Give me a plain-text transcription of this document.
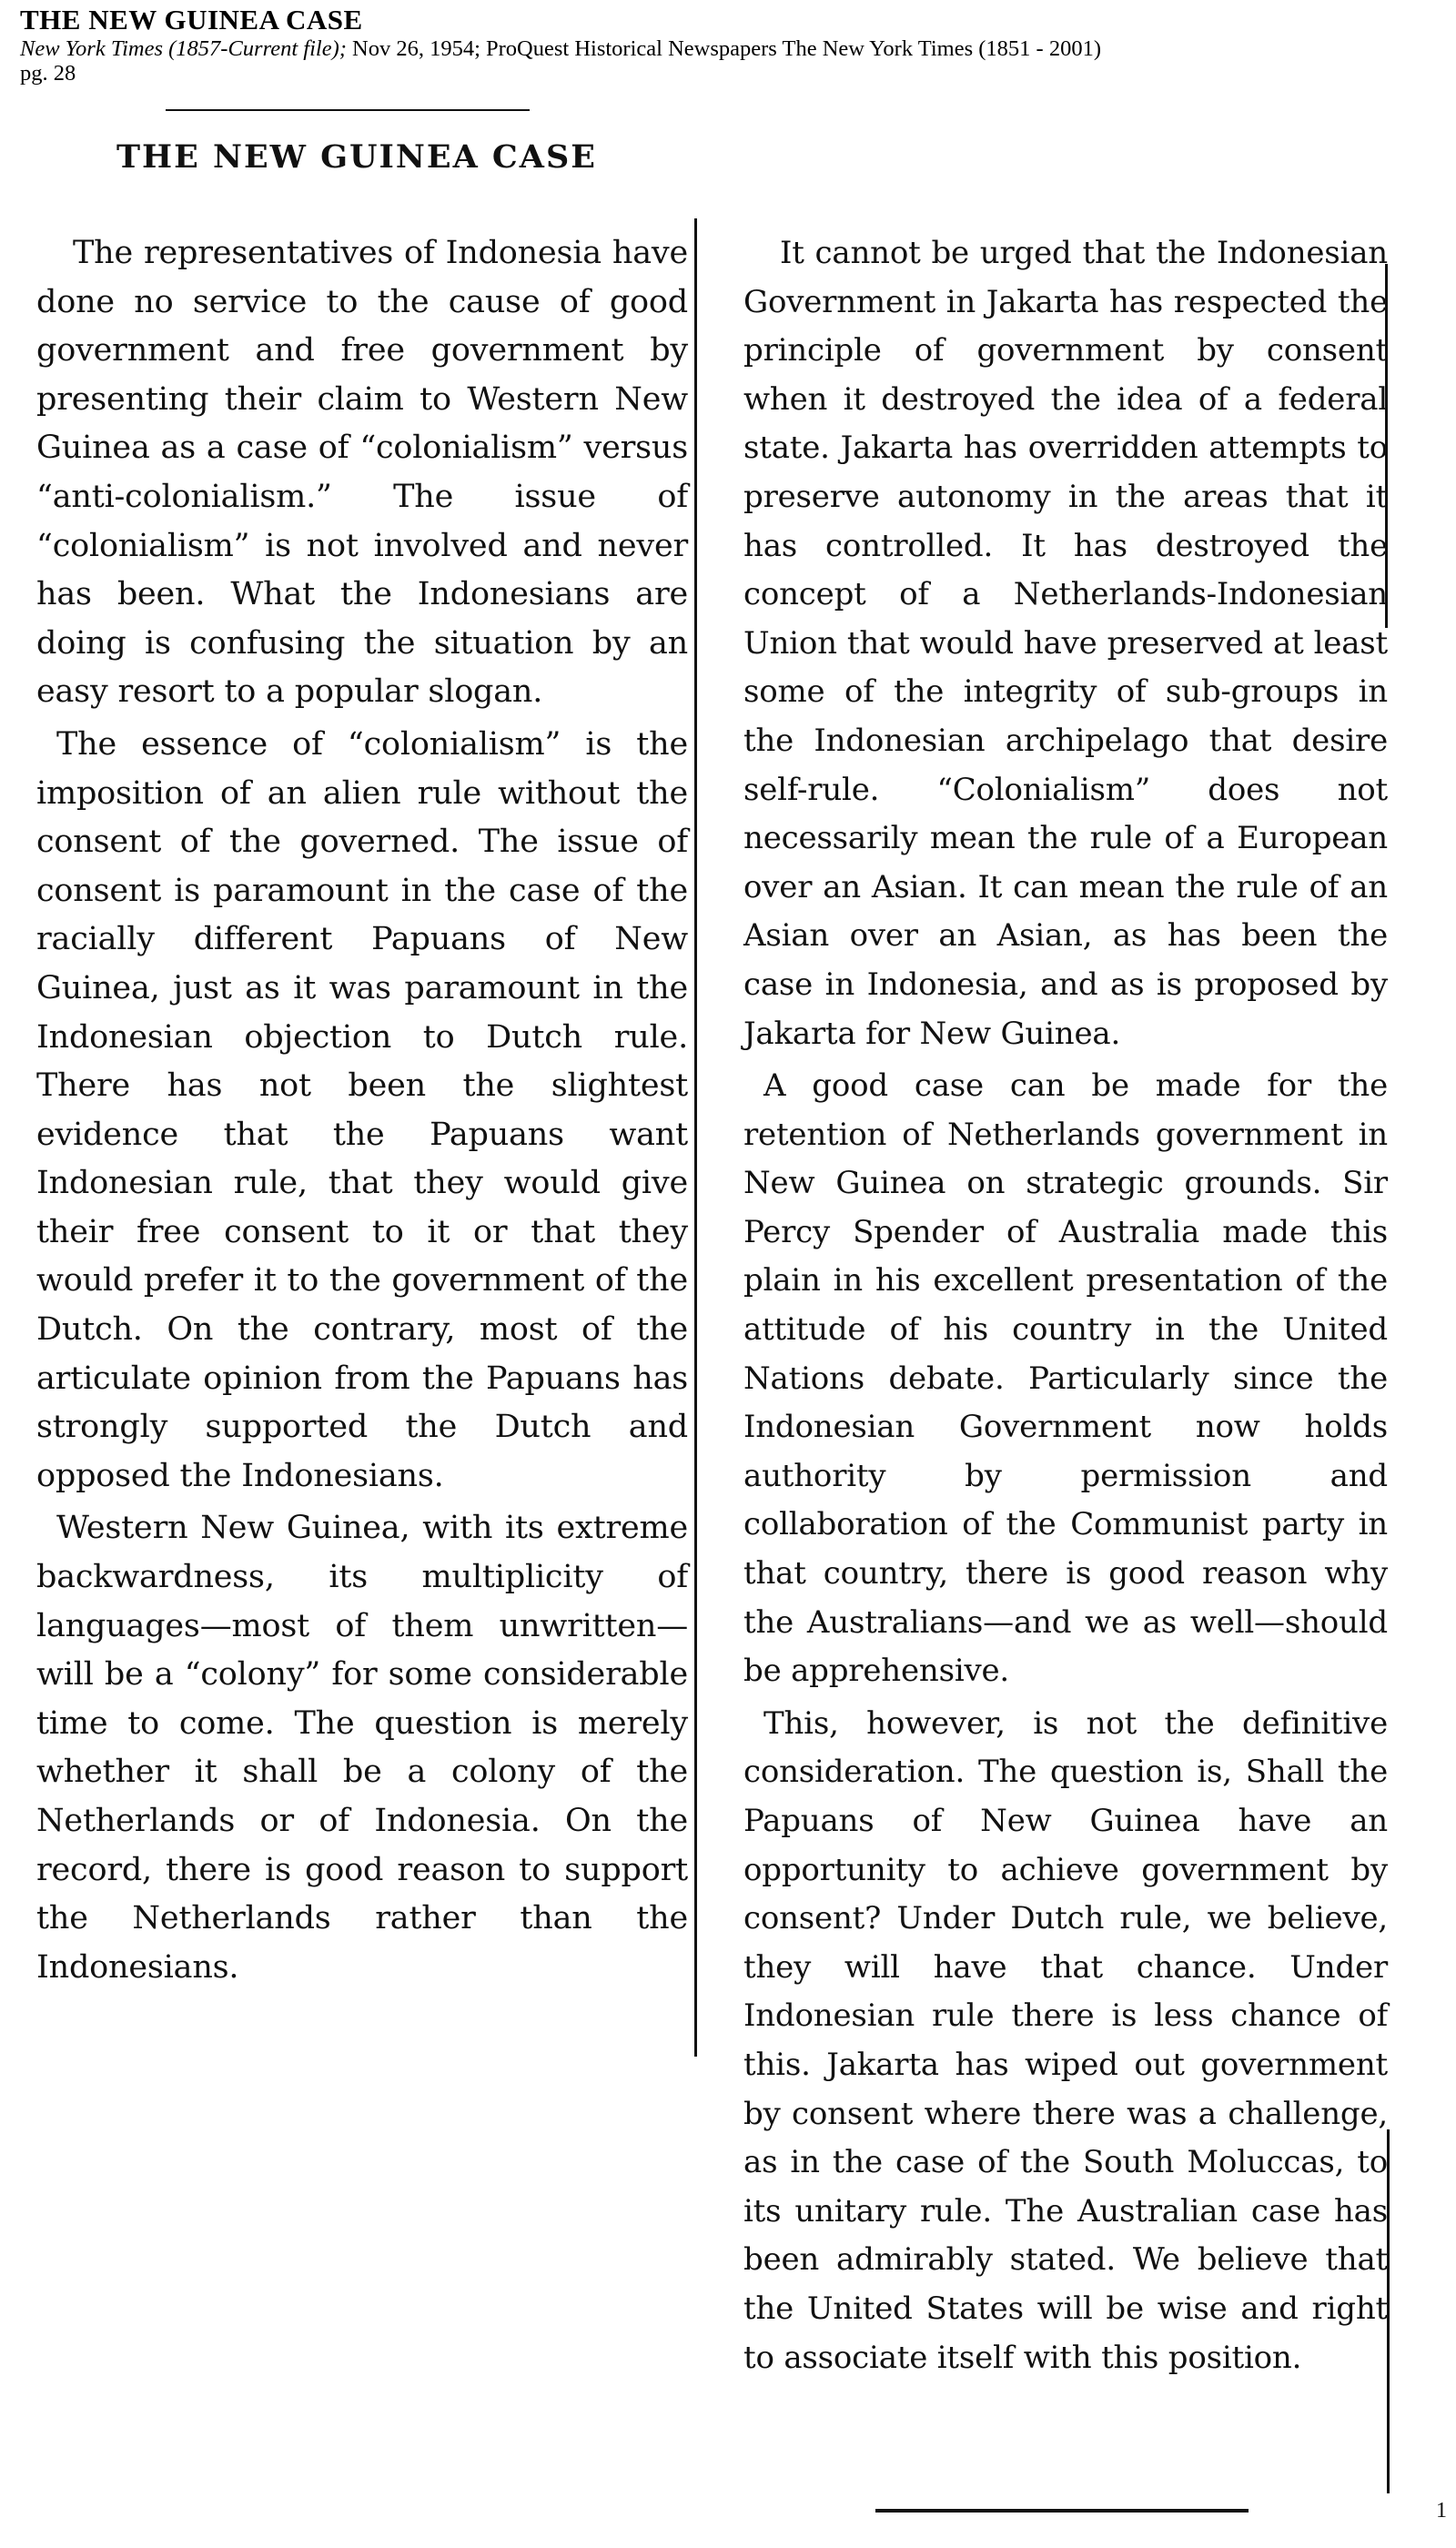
THE NEW GUINEA CASE
New York Times (1857-Current file); Nov 26, 1954; ProQuest Historical Newspapers The New York Times (1851 - 2001)
pg. 28
THE NEW GUINEA CASE

The representatives of Indonesia have done no service to the cause of good government and free government by presenting their claim to Western New Guinea as a case of “colonialism” versus “anti-colonialism.” The issue of “colonialism” is not involved and never has been. What the Indonesians are doing is confusing the situation by an easy resort to a popular slogan.

The essence of “colonialism” is the imposition of an alien rule without the consent of the governed. The issue of consent is paramount in the case of the racially different Papuans of New Guinea, just as it was paramount in the Indonesian objection to Dutch rule. There has not been the slightest evidence that the Papuans want Indonesian rule, that they would give their free consent to it or that they would prefer it to the government of the Dutch. On the contrary, most of the articulate opinion from the Papuans has strongly supported the Dutch and opposed the Indonesians.

Western New Guinea, with its extreme backwardness, its multiplicity of languages—most of them unwritten—will be a “colony” for some considerable time to come. The question is merely whether it shall be a colony of the Netherlands or of Indonesia. On the record, there is good reason to support the Netherlands rather than the Indonesians.

It cannot be urged that the Indonesian Government in Jakarta has respected the principle of government by consent when it destroyed the idea of a federal state. Jakarta has overridden attempts to preserve autonomy in the areas that it has controlled. It has destroyed the concept of a Netherlands-Indonesian Union that would have preserved at least some of the integrity of sub-groups in the Indonesian archipelago that desire self-rule. “Colonialism” does not necessarily mean the rule of a European over an Asian. It can mean the rule of an Asian over an Asian, as has been the case in Indonesia, and as is proposed by Jakarta for New Guinea.

A good case can be made for the retention of Netherlands government in New Guinea on strategic grounds. Sir Percy Spender of Australia made this plain in his excellent presentation of the attitude of his country in the United Nations debate. Particularly since the Indonesian Government now holds authority by permission and collaboration of the Communist party in that country, there is good reason why the Australians—and we as well—should be apprehensive.

This, however, is not the definitive consideration. The question is, Shall the Papuans of New Guinea have an opportunity to achieve government by consent? Under Dutch rule, we believe, they will have that chance. Under Indonesian rule there is less chance of this. Jakarta has wiped out government by consent where there was a challenge, as in the case of the South Moluccas, to its unitary rule. The Australian case has been admirably stated. We believe that the United States will be wise and right to associate itself with this position.

1
